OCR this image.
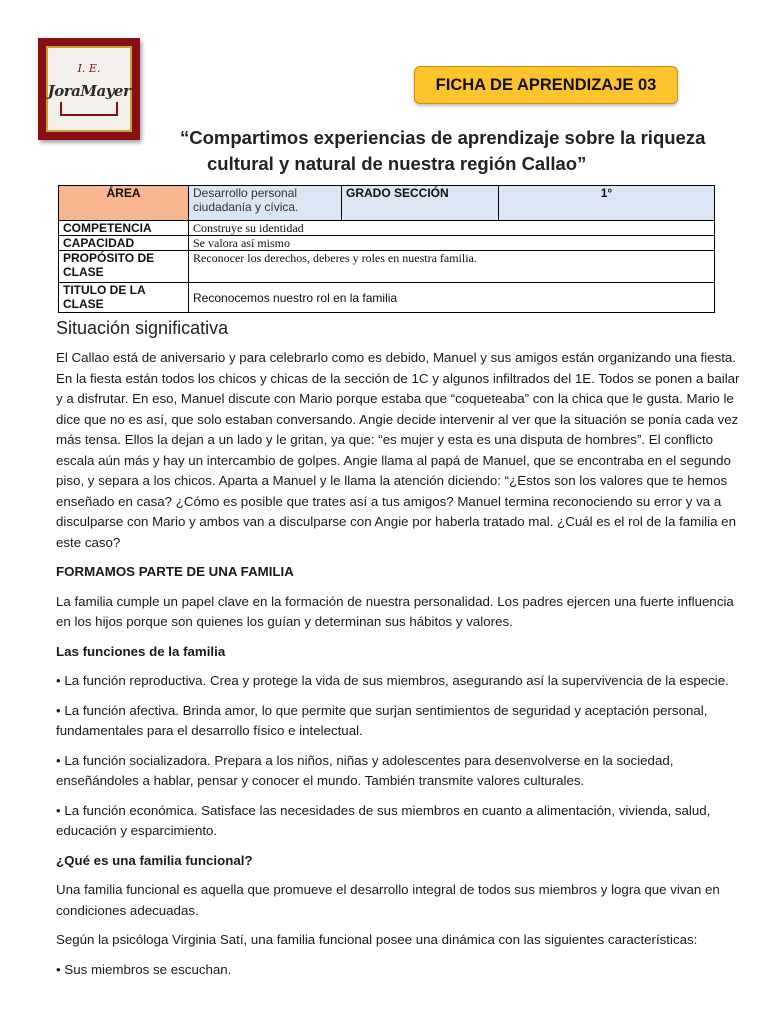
I. E.
JoraMayer	FICHA DE APRENDIZAJE 03
“Compartimos experiencias de aprendizaje sobre la riqueza
cultural y natural de nuestra región Callao”
ÁREA	Desarrollo personal ciudadanía y cívica.	GRADO SECCIÓN	1°
COMPETENCIA	Construye su identidad		
CAPACIDAD	Se valora así mismo		
PROPÓSITO DE CLASE	Reconocer los derechos, deberes y roles en nuestra familia.		
TITULO DE LA CLASE	Reconocemos nuestro rol en la familia		
Situación significativa

El Callao está de aniversario y para celebrarlo como es debido, Manuel y sus amigos están organizando una fiesta. En la fiesta están todos los chicos y chicas de la sección de 1C y algunos infiltrados del 1E. Todos se ponen a bailar y a disfrutar. En eso, Manuel discute con Mario porque estaba que “coqueteaba” con la chica que le gusta. Mario le dice que no es así, que solo estaban conversando. Angie decide intervenir al ver que la situación se ponía cada vez más tensa. Ellos la dejan a un lado y le gritan, ya que: “es mujer y esta es una disputa de hombres”. El conflicto escala aún más y hay un intercambio de golpes. Angie llama al papá de Manuel, que se encontraba en el segundo piso, y separa a los chicos. Aparta a Manuel y le llama la atención diciendo: “¿Estos son los valores que te hemos enseñado en casa? ¿Cómo es posible que trates así a tus amigos? Manuel termina reconociendo su error y va a disculparse con Mario y ambos van a disculparse con Angie por haberla tratado mal. ¿Cuál es el rol de la familia en este caso?

FORMAMOS PARTE DE UNA FAMILIA

La familia cumple un papel clave en la formación de nuestra personalidad. Los padres ejercen una fuerte influencia en los hijos porque son quienes los guían y determinan sus hábitos y valores.

Las funciones de la familia

• La función reproductiva. Crea y protege la vida de sus miembros, asegurando así la supervivencia de la especie.

• La función afectiva. Brinda amor, lo que permite que surjan sentimientos de seguridad y aceptación personal, fundamentales para el desarrollo físico e intelectual.

• La función socializadora. Prepara a los niños, niñas y adolescentes para desenvolverse en la sociedad, enseñándoles a hablar, pensar y conocer el mundo. También transmite valores culturales.

• La función económica. Satisface las necesidades de sus miembros en cuanto a alimentación, vivienda, salud, educación y esparcimiento.

¿Qué es una familia funcional?

Una familia funcional es aquella que promueve el desarrollo integral de todos sus miembros y logra que vivan en condiciones adecuadas.

Según la psicóloga Virginia Satí, una familia funcional posee una dinámica con las siguientes características:

• Sus miembros se escuchan.
